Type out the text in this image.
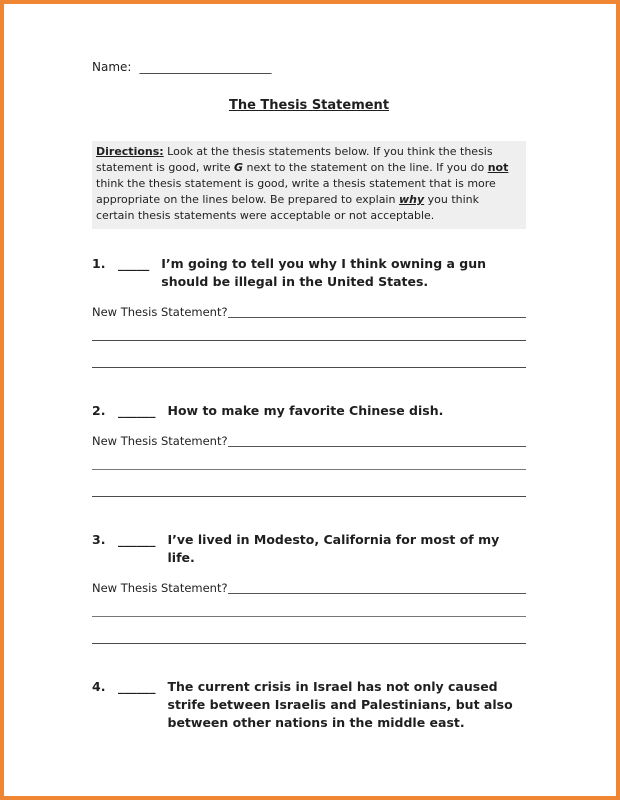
Name: ______________________
The Thesis Statement
Directions: Look at the thesis statements below. If you think the thesis statement is good, write G next to the statement on the line. If you do not think the thesis statement is good, write a thesis statement that is more appropriate on the lines below. Be prepared to explain why you think certain thesis statements were acceptable or not acceptable.
1.	_____ I’m going to tell you why I think owning a gun should be illegal in the United States.
New Thesis Statement?
2.	______ How to make my favorite Chinese dish.
New Thesis Statement?
3.	______ I’ve lived in Modesto, California for most of my life.
New Thesis Statement?
4.	______ The current crisis in Israel has not only caused strife between Israelis and Palestinians, but also between other nations in the middle east.
